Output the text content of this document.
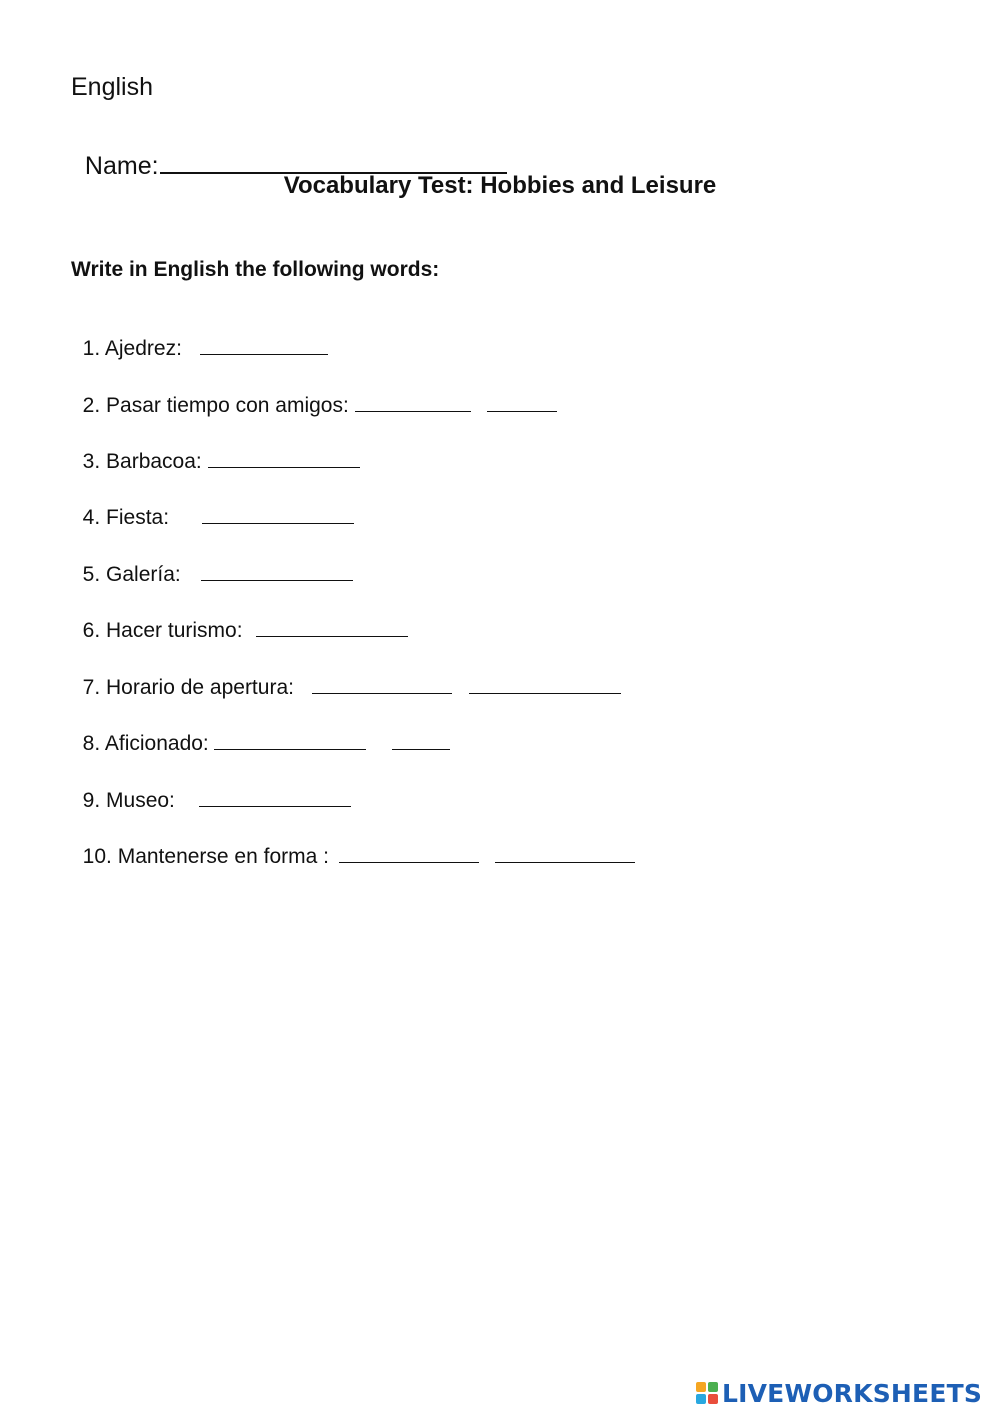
English

Name:

Vocabulary Test: Hobbies and Leisure
Write in English the following words:

1. Ajedrez:

2. Pasar tiempo con amigos:

3. Barbacoa:

4. Fiesta:

5. Galería:

6. Hacer turismo:

7. Horario de apertura:

8. Aficionado:

9. Museo:

10. Mantenerse en forma :

LIVEWORKSHEETS
